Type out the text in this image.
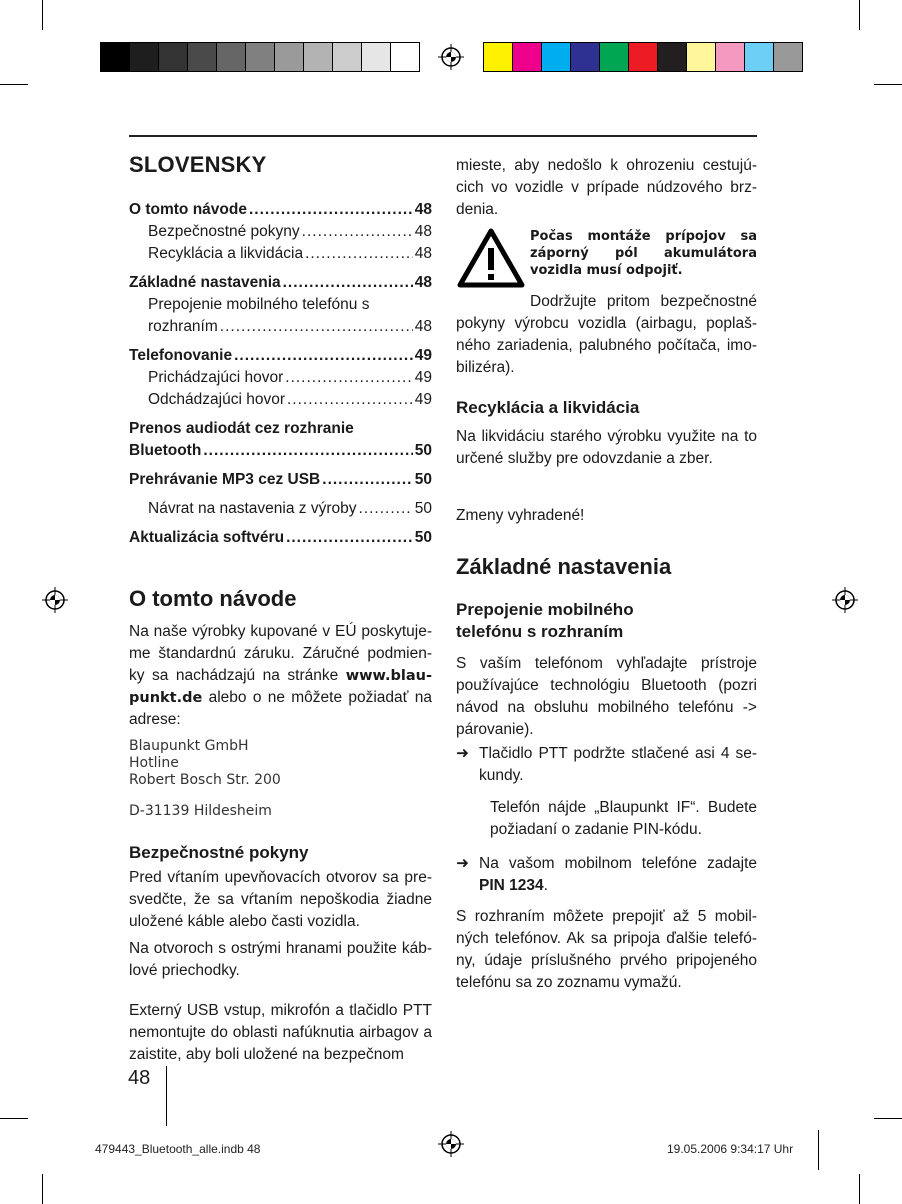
SLOVENSKY
O tomto návode .....	48
Bezpečnostné pokyny .....	48
Recyklácia a likvidácia .....	48
Základné nastavenia .....	48
Prepojenie mobilného telefónu s
rozhraním .....	48
Telefonovanie .....	49
Prichádzajúci hovor .....	49
Odchádzajúci hovor .....	49
Prenos audiodát cez rozhranie
Bluetooth .....	50
Prehrávanie MP3 cez USB .....	50
Návrat na nastavenia z výroby .....	50
Aktualizácia softvéru .....	50
O tomto návode
Na naše výrobky kupované v EÚ poskytuje-me štandardnú záruku. Záručné podmien-ky sa nachádzajú na stránke www.blau-punkt.de alebo o ne môžete požiadať na adrese:
Blaupunkt GmbH
Hotline
Robert Bosch Str. 200
D-31139 Hildesheim
Bezpečnostné pokyny
Pred vŕtaním upevňovacích otvorov sa pre-svedčte, že sa vŕtaním nepoškodia žiadne uložené káble alebo časti vozidla.
Na otvoroch s ostrými hranami použite káb-lové priechodky.
Externý USB vstup, mikrofón a tlačidlo PTT nemontujte do oblasti nafúknutia airbagov a zaistite, aby boli uložené na bezpečnom
48
mieste, aby nedošlo k ohrozeniu cestujú-cich vo vozidle v prípade núdzového brz-denia.
Počas montáže prípojov sa záporný pól akumulátora vozidla musí odpojiť.
Dodržujte pritom bezpečnostné pokyny výrobcu vozidla (airbagu, poplaš-ného zariadenia, palubného počítača, imo-bilizéra).
Recyklácia a likvidácia
Na likvidáciu starého výrobku využite na to určené služby pre odovzdanie a zber.
Zmeny vyhradené!
Základné nastavenia
Prepojenie mobilného
telefónu s rozhraním
S vaším telefónom vyhľadajte prístroje používajúce technológiu Bluetooth (pozri návod na obsluhu mobilného telefónu -> párovanie).
➜ Tlačidlo PTT podržte stlačené asi 4 se-kundy.
Telefón nájde „Blaupunkt IF“. Budete požiadaní o zadanie PIN-kódu.
➜ Na vašom mobilnom telefóne zadajte PIN 1234.
S rozhraním môžete prepojiť až 5 mobil-ných telefónov. Ak sa pripoja ďalšie telefó-ny, údaje príslušného prvého pripojeného telefónu sa zo zoznamu vymažú.
479443_Bluetooth_alle.indb 48	19.05.2006 9:34:17 Uhr
